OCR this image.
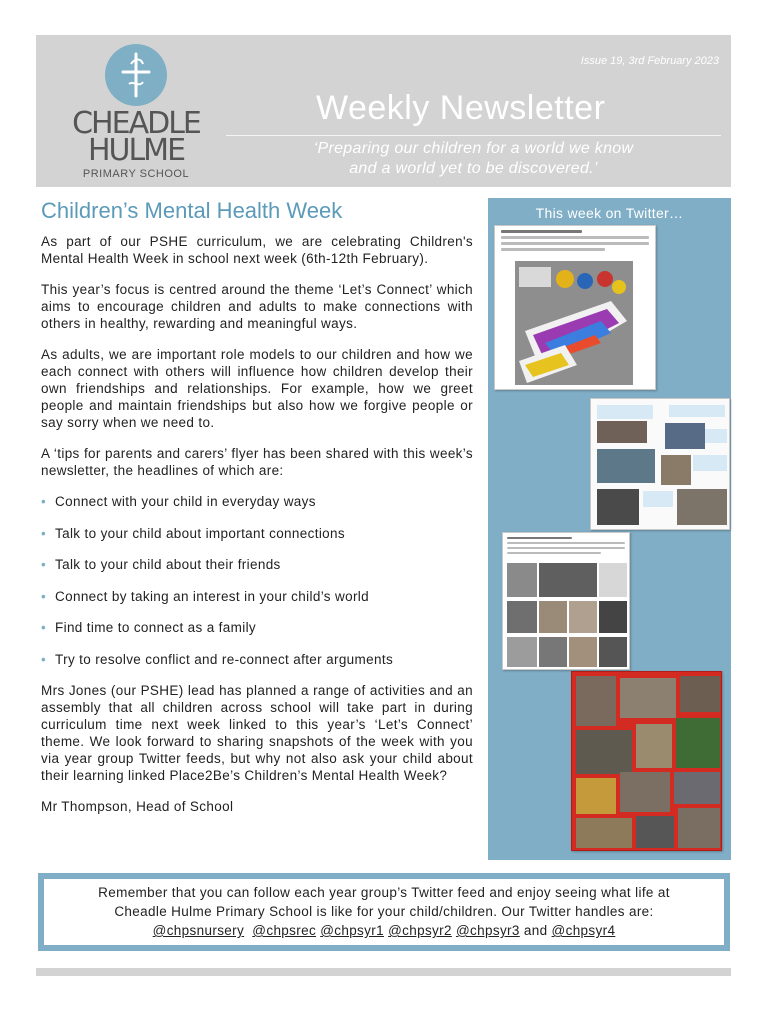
CHEADLE
HULME
PRIMARY SCHOOL
Issue 19, 3rd February 2023
Weekly Newsletter
‘Preparing our children for a world we know
and a world yet to be discovered.’
Children’s Mental Health Week

As part of our PSHE curriculum, we are celebrating Children's Mental Health Week in school next week (6th-12th February).

This year’s focus is centred around the theme ‘Let’s Connect’ which aims to encourage children and adults to make connections with others in healthy, rewarding and meaningful ways.

As adults, we are important role models to our children and how we each connect with others will influence how children develop their own friendships and relationships. For example, how we greet people and maintain friendships but also how we forgive people or say sorry when we need to.

A ‘tips for parents and carers’ flyer has been shared with this week’s newsletter, the headlines of which are:

• Connect with your child in everyday ways
• Talk to your child about important connections
• Talk to your child about their friends
• Connect by taking an interest in your child’s world
• Find time to connect as a family
• Try to resolve conflict and re-connect after arguments

Mrs Jones (our PSHE) lead has planned a range of activities and an assembly that all children across school will take part in during curriculum time next week linked to this year’s ‘Let’s Connect’ theme. We look forward to sharing snapshots of the week with you via year group Twitter feeds, but why not also ask your child about their learning linked Place2Be’s Children’s Mental Health Week?

Mr Thompson, Head of School
This week on Twitter…
Remember that you can follow each year group’s Twitter feed and enjoy seeing what life at
Cheadle Hulme Primary School is like for your child/children. Our Twitter handles are:
@chpsnursery @chpsrec @chpsyr1 @chpsyr2 @chpsyr3 and @chpsyr4
